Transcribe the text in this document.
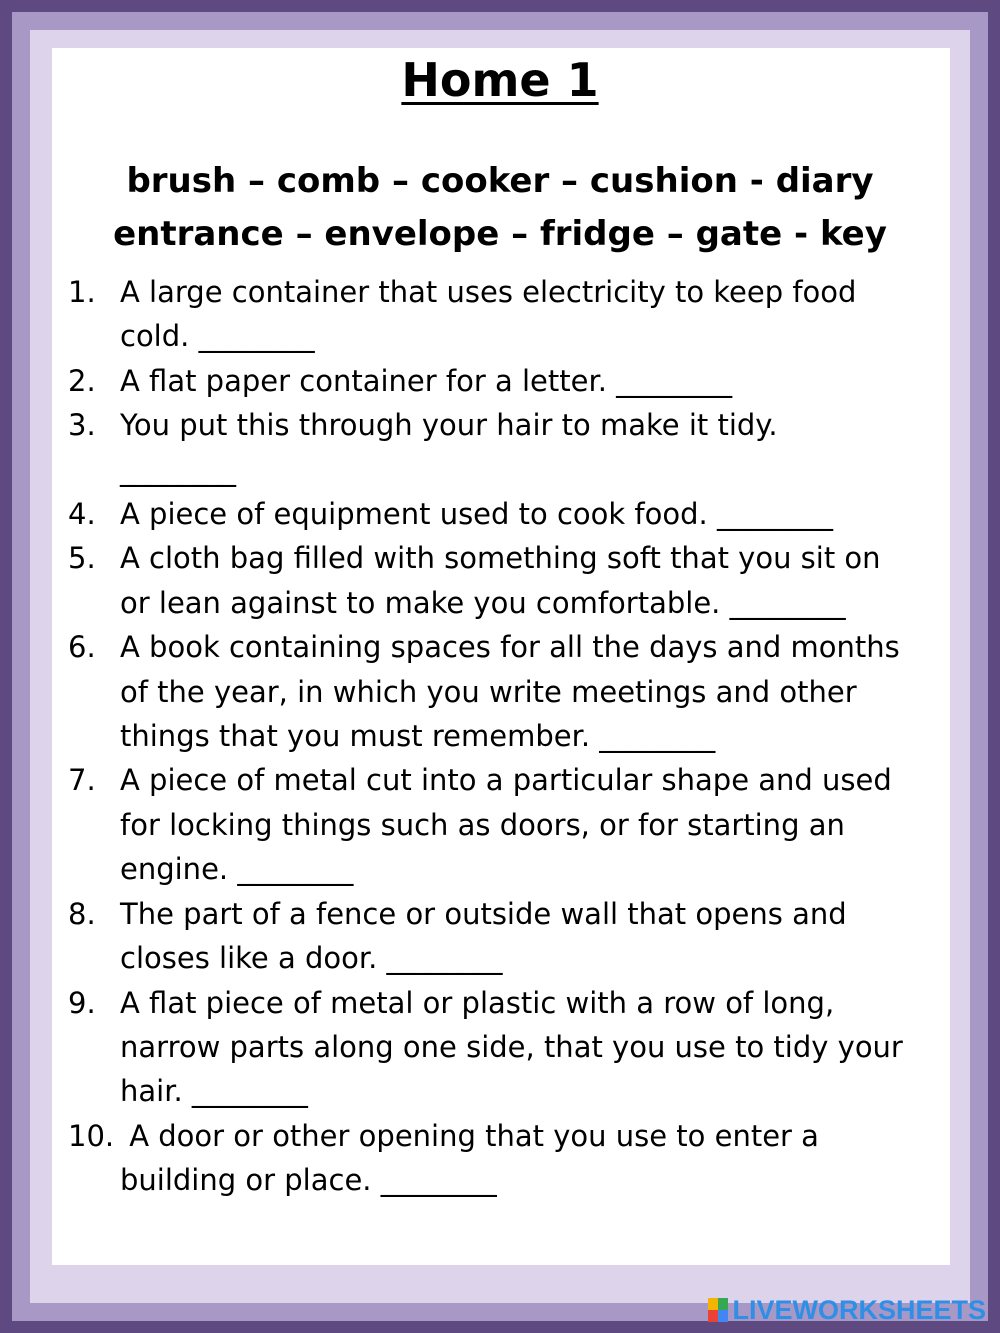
Home 1
brush – comb – cooker – cushion - diary
entrance – envelope – fridge – gate - key
1. A large container that uses electricity to keep food
cold. ________
2. A flat paper container for a letter. ________
3. You put this through your hair to make it tidy.
________
4. A piece of equipment used to cook food. ________
5. A cloth bag filled with something soft that you sit on
or lean against to make you comfortable. ________
6. A book containing spaces for all the days and months
of the year, in which you write meetings and other
things that you must remember. ________
7. A piece of metal cut into a particular shape and used
for locking things such as doors, or for starting an
engine. ________
8. The part of a fence or outside wall that opens and
closes like a door. ________
9. A flat piece of metal or plastic with a row of long,
narrow parts along one side, that you use to tidy your
hair. ________
10. A door or other opening that you use to enter a
building or place. ________
LIVEWORKSHEETS
